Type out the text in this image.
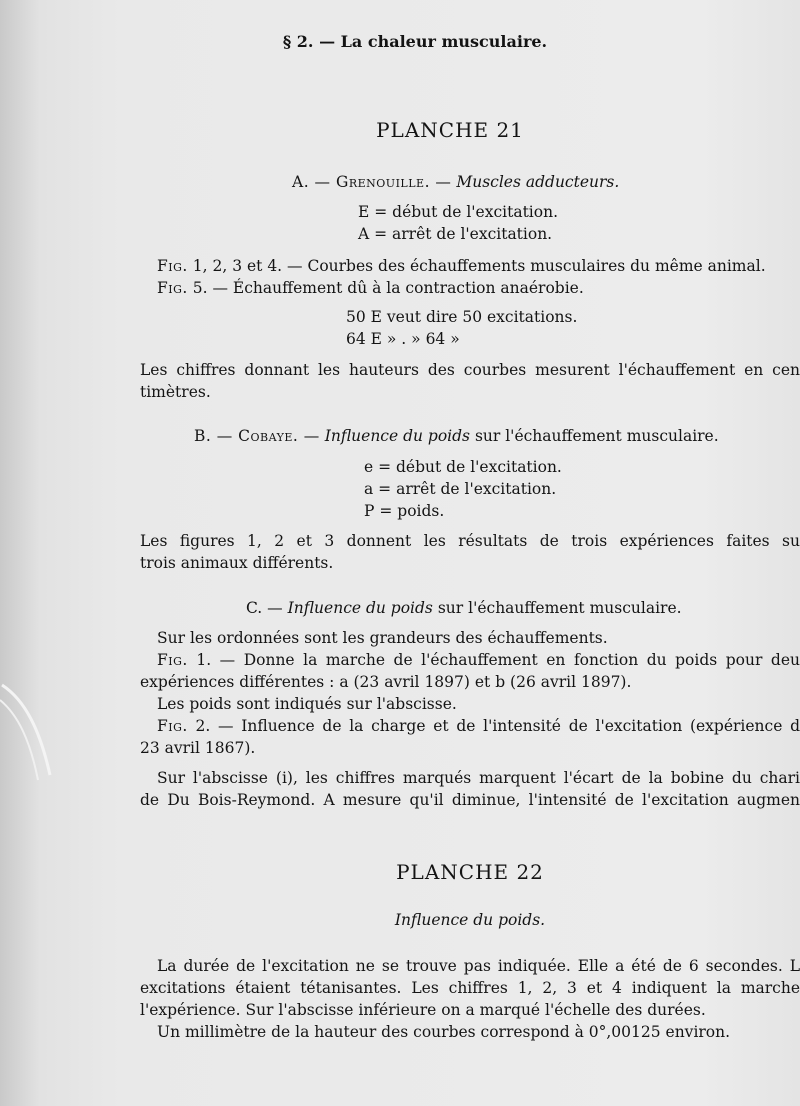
§ 2. — La chaleur musculaire.
PLANCHE 21
A. — Grenouille. — Muscles adducteurs.
E = début de l'excitation.
A = arrêt de l'excitation.
Fig. 1, 2, 3 et 4. — Courbes des échauffements musculaires du même animal.
Fig. 5. — Échauffement dû à la contraction anaérobie.
50 E veut dire 50 excitations.
64 E » . » 64 »
Les chiffres donnant les hauteurs des courbes mesurent l'échauffement en cen
timètres.
B. — Cobaye. — Influence du poids sur l'échauffement musculaire.
e = début de l'excitation.
a = arrêt de l'excitation.
P = poids.
Les figures 1, 2 et 3 donnent les résultats de trois expériences faites su
trois animaux différents.
C. — Influence du poids sur l'échauffement musculaire.
Sur les ordonnées sont les grandeurs des échauffements.
Fig. 1. — Donne la marche de l'échauffement en fonction du poids pour deu
expériences différentes : a (23 avril 1897) et b (26 avril 1897).
Les poids sont indiqués sur l'abscisse.
Fig. 2. — Influence de la charge et de l'intensité de l'excitation (expérience d
23 avril 1867).
Sur l'abscisse (i), les chiffres marqués marquent l'écart de la bobine du chari
de Du Bois-Reymond. A mesure qu'il diminue, l'intensité de l'excitation augmen
PLANCHE 22
Influence du poids.
La durée de l'excitation ne se trouve pas indiquée. Elle a été de 6 secondes. L
excitations étaient tétanisantes. Les chiffres 1, 2, 3 et 4 indiquent la marche
l'expérience. Sur l'abscisse inférieure on a marqué l'échelle des durées.
Un millimètre de la hauteur des courbes correspond à 0°,00125 environ.
